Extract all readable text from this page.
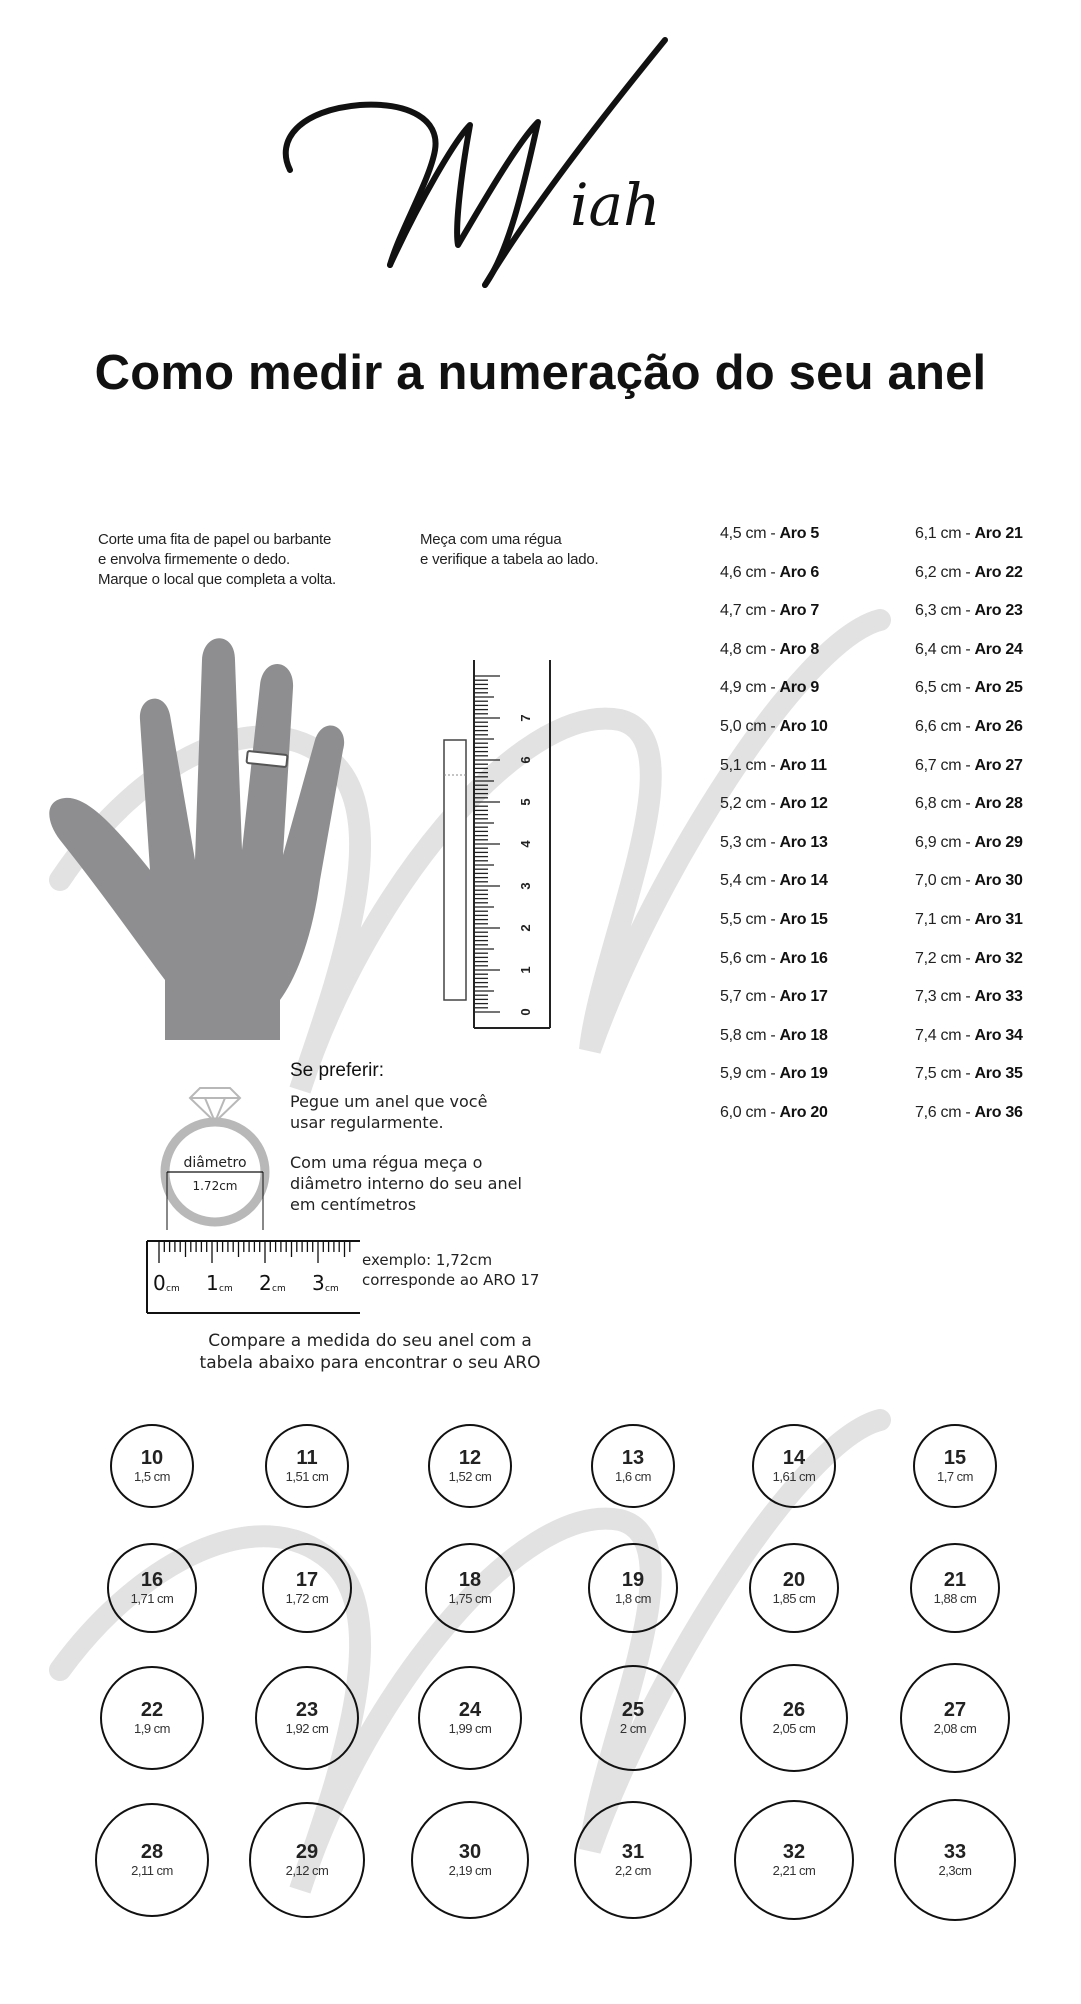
iah
Como medir a numeração do seu anel
Corte uma fita de papel ou barbante
e envolva firmemente o dedo.
Marque o local que completa a volta.
Meça com uma régua
e verifique a tabela ao lado.
0
1
2
3
4
5
6
7
4,5 cm - Aro 5
4,6 cm - Aro 6
4,7 cm - Aro 7
4,8 cm - Aro 8
4,9 cm - Aro 9
5,0 cm - Aro 10
5,1 cm - Aro 11
5,2 cm - Aro 12
5,3 cm - Aro 13
5,4 cm - Aro 14
5,5 cm - Aro 15
5,6 cm - Aro 16
5,7 cm - Aro 17
5,8 cm - Aro 18
5,9 cm - Aro 19
6,0 cm - Aro 20
6,1 cm - Aro 21
6,2 cm - Aro 22
6,3 cm - Aro 23
6,4 cm - Aro 24
6,5 cm - Aro 25
6,6 cm - Aro 26
6,7 cm - Aro 27
6,8 cm - Aro 28
6,9 cm - Aro 29
7,0 cm - Aro 30
7,1 cm - Aro 31
7,2 cm - Aro 32
7,3 cm - Aro 33
7,4 cm - Aro 34
7,5 cm - Aro 35
7,6 cm - Aro 36
Se preferir:
Pegue um anel que você
usar regularmente.
Com uma régua meça o
diâmetro interno do seu anel
em centímetros
diâmetro
1.72cm
0 cm 1 cm 2 cm 3 cm
exemplo: 1,72cm
corresponde ao ARO 17
Compare a medida do seu anel com a
tabela abaixo para encontrar o seu ARO
10
1,5 cm
11
1,51 cm
12
1,52 cm
13
1,6 cm
14
1,61 cm
15
1,7 cm
16
1,71 cm
17
1,72 cm
18
1,75 cm
19
1,8 cm
20
1,85 cm
21
1,88 cm
22
1,9 cm
23
1,92 cm
24
1,99 cm
25
2 cm
26
2,05 cm
27
2,08 cm
28
2,11 cm
29
2,12 cm
30
2,19 cm
31
2,2 cm
32
2,21 cm
33
2,3cm
